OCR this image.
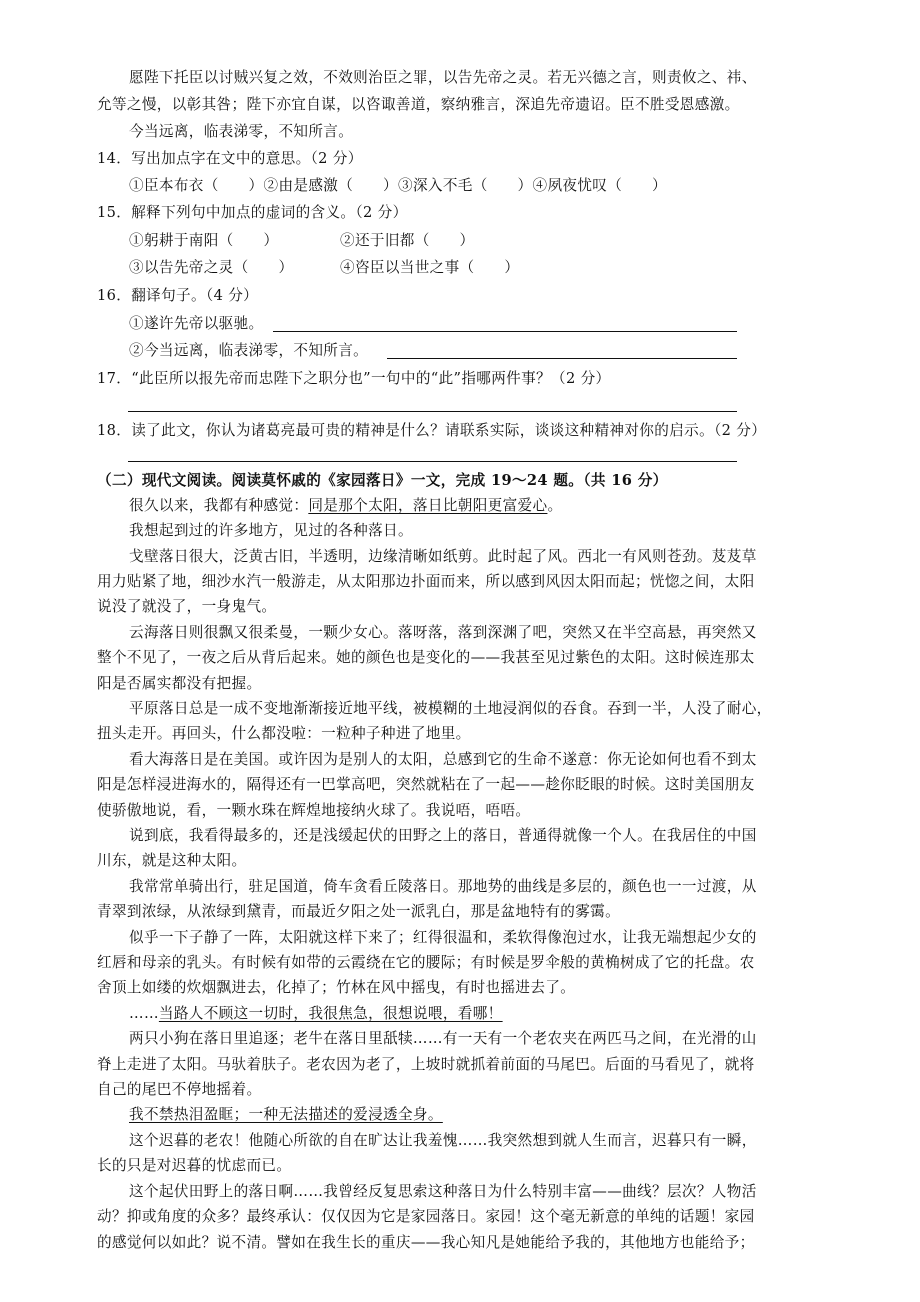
愿陛下托臣以讨贼兴复之效，不效则治臣之罪，以告先帝之灵。若无兴德之言，则责攸之、祎、
允等之慢，以彰其咎；陛下亦宜自谋，以咨诹善道，察纳雅言，深追先帝遗诏。臣不胜受恩感激。
今当远离，临表涕零，不知所言。
14．写出加点字在文中的意思。（2 分）
①臣本布衣（　　）②由是感激（　　）③深入不毛（　　）④夙夜忧叹（　　）
15．解释下列句中加点的虚词的含义。（2 分）
①躬耕于南阳（　　）	②还于旧都（　　）
③以告先帝之灵（　　）	④咨臣以当世之事（　　）
16．翻译句子。（4 分）
①遂许先帝以驱驰。
②今当远离，临表涕零，不知所言。
17．“此臣所以报先帝而忠陛下之职分也”一句中的“此”指哪两件事？（2 分）
18．读了此文，你认为诸葛亮最可贵的精神是什么？请联系实际，谈谈这种精神对你的启示。（2 分）
（二）现代文阅读。阅读莫怀戚的《家园落日》一文，完成 19～24 题。（共 16 分）
很久以来，我都有种感觉：同是那个太阳，落日比朝阳更富爱心。
我想起到过的许多地方，见过的各种落日。
戈壁落日很大，泛黄古旧，半透明，边缘清晰如纸剪。此时起了风。西北一有风则苍劲。芨芨草
用力贴紧了地，细沙水汽一般游走，从太阳那边扑面而来，所以感到风因太阳而起；恍惚之间，太阳
说没了就没了，一身鬼气。
云海落日则很飘又很柔曼，一颗少女心。落呀落，落到深渊了吧，突然又在半空高悬，再突然又
整个不见了，一夜之后从背后起来。她的颜色也是变化的——我甚至见过紫色的太阳。这时候连那太
阳是否属实都没有把握。
平原落日总是一成不变地渐渐接近地平线，被模糊的土地浸润似的吞食。吞到一半，人没了耐心，
扭头走开。再回头，什么都没啦：一粒种子种进了地里。
看大海落日是在美国。或许因为是别人的太阳，总感到它的生命不遂意：你无论如何也看不到太
阳是怎样浸进海水的，隔得还有一巴掌高吧，突然就粘在了一起——趁你眨眼的时候。这时美国朋友
使骄傲地说，看，一颗水珠在辉煌地接纳火球了。我说唔，唔唔。
说到底，我看得最多的，还是浅缓起伏的田野之上的落日，普通得就像一个人。在我居住的中国
川东，就是这种太阳。
我常常单骑出行，驻足国道，倚车贪看丘陵落日。那地势的曲线是多层的，颜色也一一过渡，从
青翠到浓绿，从浓绿到黛青，而最近夕阳之处一派乳白，那是盆地特有的雾霭。
似乎一下子静了一阵，太阳就这样下来了；红得很温和，柔软得像泡过水，让我无端想起少女的
红唇和母亲的乳头。有时候有如带的云霞绕在它的腰际；有时候是罗伞般的黄桷树成了它的托盘。农
舍顶上如缕的炊烟飘进去，化掉了；竹林在风中摇曳，有时也摇进去了。
……当路人不顾这一切时，我很焦急，很想说喂，看哪！
两只小狗在落日里追逐；老牛在落日里舐犊……有一天有一个老农夹在两匹马之间，在光滑的山
脊上走进了太阳。马驮着肤子。老农因为老了，上坡时就抓着前面的马尾巴。后面的马看见了，就将
自己的尾巴不停地摇着。
我不禁热泪盈眶；一种无法描述的爱浸透全身。
这个迟暮的老农！他随心所欲的自在旷达让我羞愧……我突然想到就人生而言，迟暮只有一瞬，
长的只是对迟暮的忧虑而已。
这个起伏田野上的落日啊……我曾经反复思索这种落日为什么特别丰富——曲线？层次？人物活
动？抑或角度的众多？最终承认：仅仅因为它是家园落日。家园！这个毫无新意的单纯的话题！家园
的感觉何以如此？说不清。譬如在我生长的重庆——我心知凡是她能给予我的，其他地方也能给予；
